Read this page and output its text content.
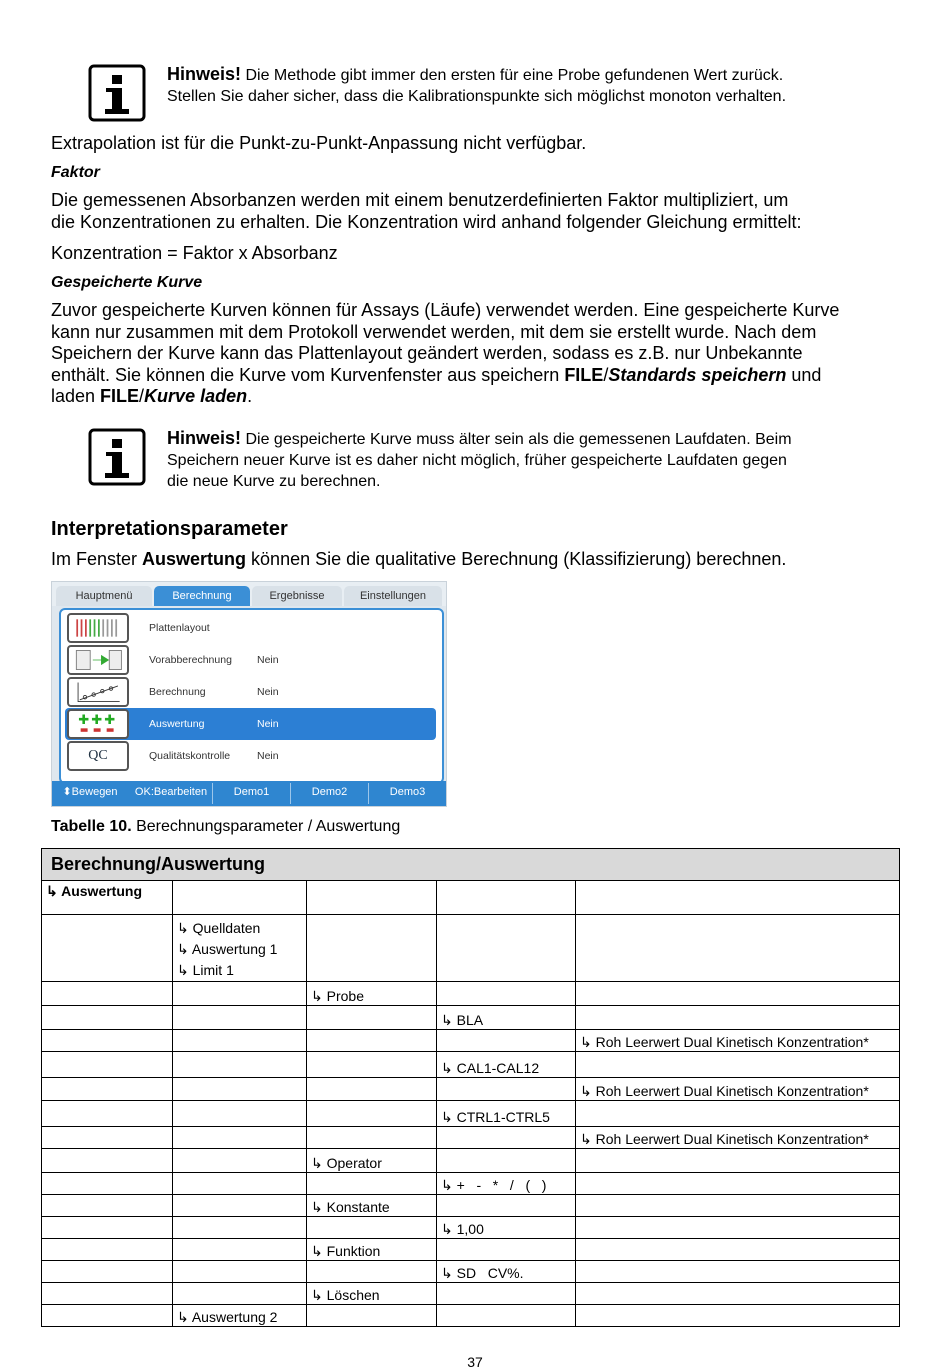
Hinweis! Die Methode gibt immer den ersten für eine Probe gefundenen Wert zurück.
Stellen Sie daher sicher, dass die Kalibrationspunkte sich möglichst monoton verhalten.
Extrapolation ist für die Punkt-zu-Punkt-Anpassung nicht verfügbar.
Faktor
Die gemessenen Absorbanzen werden mit einem benutzerdefinierten Faktor multipliziert, um
die Konzentrationen zu erhalten. Die Konzentration wird anhand folgender Gleichung ermittelt:
Konzentration = Faktor x Absorbanz
Gespeicherte Kurve
Zuvor gespeicherte Kurven können für Assays (Läufe) verwendet werden. Eine gespeicherte Kurve
kann nur zusammen mit dem Protokoll verwendet werden, mit dem sie erstellt wurde. Nach dem
Speichern der Kurve kann das Plattenlayout geändert werden, sodass es z.B. nur Unbekannte
enthält. Sie können die Kurve vom Kurvenfenster aus speichern FILE/Standards speichern und
laden FILE/Kurve laden.
Hinweis! Die gespeicherte Kurve muss älter sein als die gemessenen Laufdaten. Beim
Speichern neuer Kurve ist es daher nicht möglich, früher gespeicherte Laufdaten gegen
die neue Kurve zu berechnen.
Interpretationsparameter
Im Fenster Auswertung können Sie die qualitative Berechnung (Klassifizierung) berechnen.
Hauptmenü	Berechnung	Ergebnisse	Einstellungen
Plattenlayout
Vorabberechnung Nein
Berechnung	Nein
Auswertung	Nein
QC	Qualitätskontrolle	Nein
⬍Bewegen	OK:Bearbeiten	Demo1	Demo2	Demo3
Tabelle 10. Berechnungsparameter / Auswertung
Berechnung/Auswertung				
↳ Auswertung				

	↳ Quelldaten
↳ Auswertung 1
↳ Limit 1			

		↳ Probe		
			↳ BLA	
				↳ Roh Leerwert Dual Kinetisch Konzentration*
			↳ CAL1-CAL12	
				↳ Roh Leerwert Dual Kinetisch Konzentration*
			↳ CTRL1-CTRL5	
				↳ Roh Leerwert Dual Kinetisch Konzentration*
		↳ Operator		
			↳ +   -   *   /   (   )	
		↳ Konstante		
			↳ 1,00	
		↳ Funktion		
			↳ SD   CV%.	
		↳ Löschen		
	↳ Auswertung 2			
37
